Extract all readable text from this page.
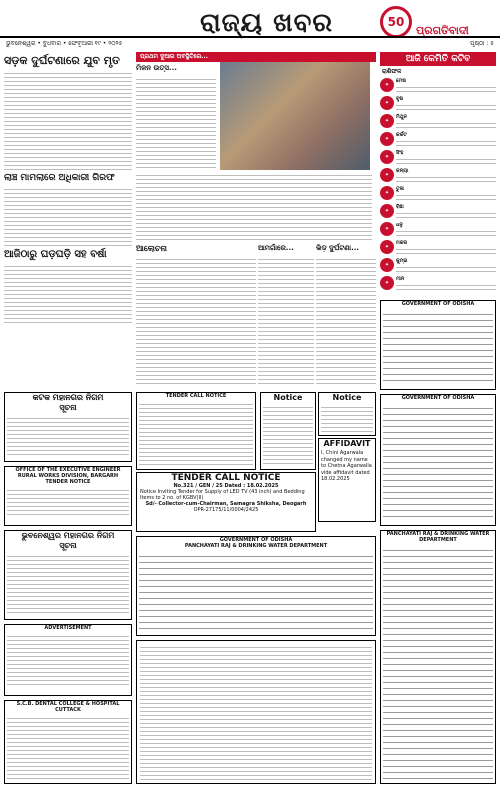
50
ରାଜ୍ୟ ଖବର	ପ୍ରଗତିବାଦୀ
ଭୁବନେଶ୍ୱର • ବୁଧବାର • ଫେବୃଆରୀ ୧୯ • ୨୦୨୫	ପୃଷ୍ଠା : ୫
ସଡ଼କ ଦୁର୍ଘଟଣାରେ ଯୁବ ମୃତ
ଲାଞ୍ଚ ମାମଲାରେ ଅଧିକାରୀ ଗିରଫ
ଆଜିଠାରୁ ଘଡ଼ଘଡ଼ି ସହ ବର୍ଷା
କଟକ ମହାନଗର ନିଗମ
ସୂଚନା
OFFICE OF THE EXECUTIVE ENGINEER
RURAL WORKS DIVISION, BARGARH
TENDER NOTICE
ଭୁବନେଶ୍ୱର ମହାନଗର ନିଗମ
ସୂଚନା
ADVERTISEMENT
S.C.B. DENTAL COLLEGE & HOSPITAL CUTTACK
ପ୍ରଥମ ଦୁଆର ଅବସ୍ଥିତିରେ...
ମିଳନ ଉତ୍ସ...
ଆଲୋଚନା	ଆମଗାଁରେ...	ଭିଡ଼ ଦୁର୍ଘଟଣା...
ଆଜି କେମିତି କଟିବ
ରାଶିଫଳ
✦
ମେଷ
✦
ବୃଷ
✦
ମିଥୁନ
✦
କର୍କଟ
✦
ସିଂହ
✦
କନ୍ୟା
✦
ତୁଳା
✦
ବିଛା
✦
ଧନୁ
✦
ମକର
✦
କୁମ୍ଭ
✦
ମୀନ
GOVERNMENT OF ODISHA
GOVERNMENT OF ODISHA
TENDER CALL NOTICE	Notice	Notice
AFFIDAVIT
I, Chini Agarwala changed my name to Chetna Agarwalla vide affidavit dated 18.02.2025
TENDER CALL NOTICE
No.321 / GEN / 25 Dated : 18.02.2025
Notice Inviting Tender for Supply of LED TV (43 inch) and Bedding Items to 2 no. of KGBV(II)
Sd/- Collector-cum-Chairman, Samagra Shiksha, Deogarh
OPR-27175/11/0004/2425
GOVERNMENT OF ODISHA
PANCHAYATI RAJ & DRINKING WATER DEPARTMENT
PANCHAYATI RAJ & DRINKING WATER DEPARTMENT
